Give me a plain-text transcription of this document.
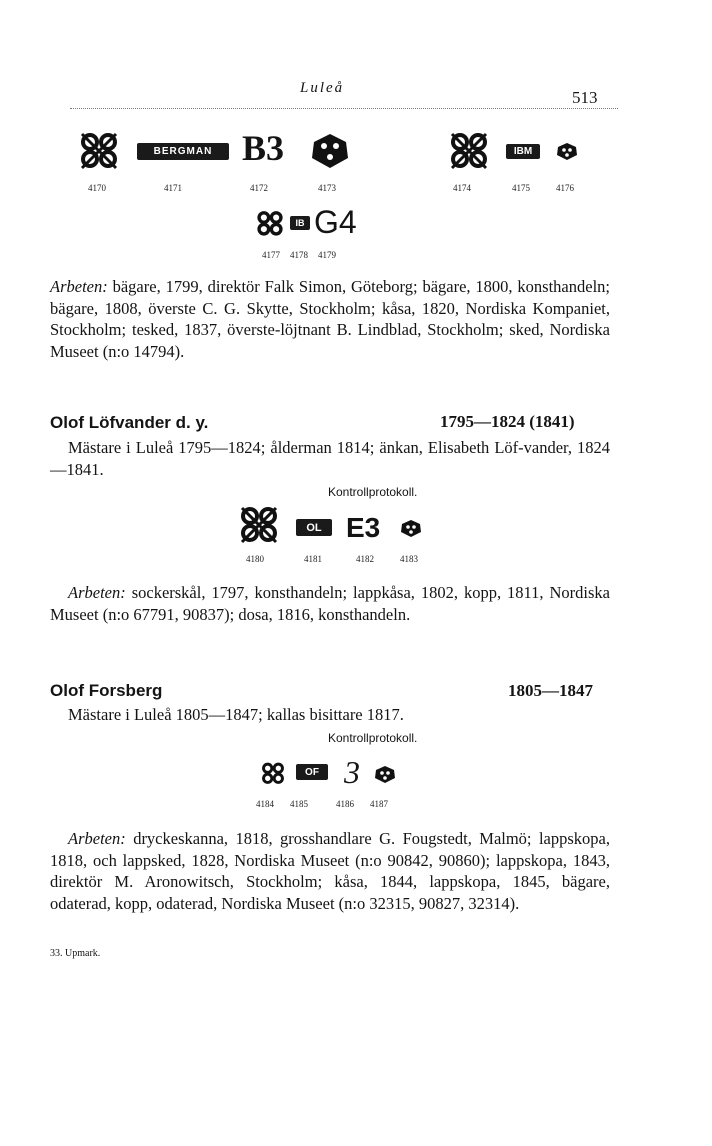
Luleå	513
BERGMAN B3	IBM
4170	4171	4172	4173	4174	4175	4176
IB G4
4177 4178 4179
Arbeten: bägare, 1799, direktör Falk Simon, Göteborg; bägare, 1800, konsthandeln; bägare, 1808, överste C. G. Skytte, Stockholm; kåsa, 1820, Nordiska Kompaniet, Stockholm; tesked, 1837, överste-löjtnant B. Lindblad, Stockholm; sked, Nordiska Museet (n:o 14794).
Olof Löfvander d. y.	1795—1824 (1841)
Mästare i Luleå 1795—1824; ålderman 1814; änkan, Elisabeth Löf-vander, 1824—1841.
Kontrollprotokoll.
OL E3
4180	4181	4182	4183
Arbeten: sockerskål, 1797, konsthandeln; lappkåsa, 1802, kopp, 1811, Nordiska Museet (n:o 67791, 90837); dosa, 1816, konsthandeln.
Olof Forsberg	1805—1847
Mästare i Luleå 1805—1847; kallas bisittare 1817.
Kontrollprotokoll.
OF 3
4184 4185	4186 4187
Arbeten: dryckeskanna, 1818, grosshandlare G. Fougstedt, Malmö; lappskopa, 1818, och lappsked, 1828, Nordiska Museet (n:o 90842, 90860); lappskopa, 1843, direktör M. Aronowitsch, Stockholm; kåsa, 1844, lappskopa, 1845, bägare, odaterad, kopp, odaterad, Nordiska Museet (n:o 32315, 90827, 32314).
33. Upmark.
